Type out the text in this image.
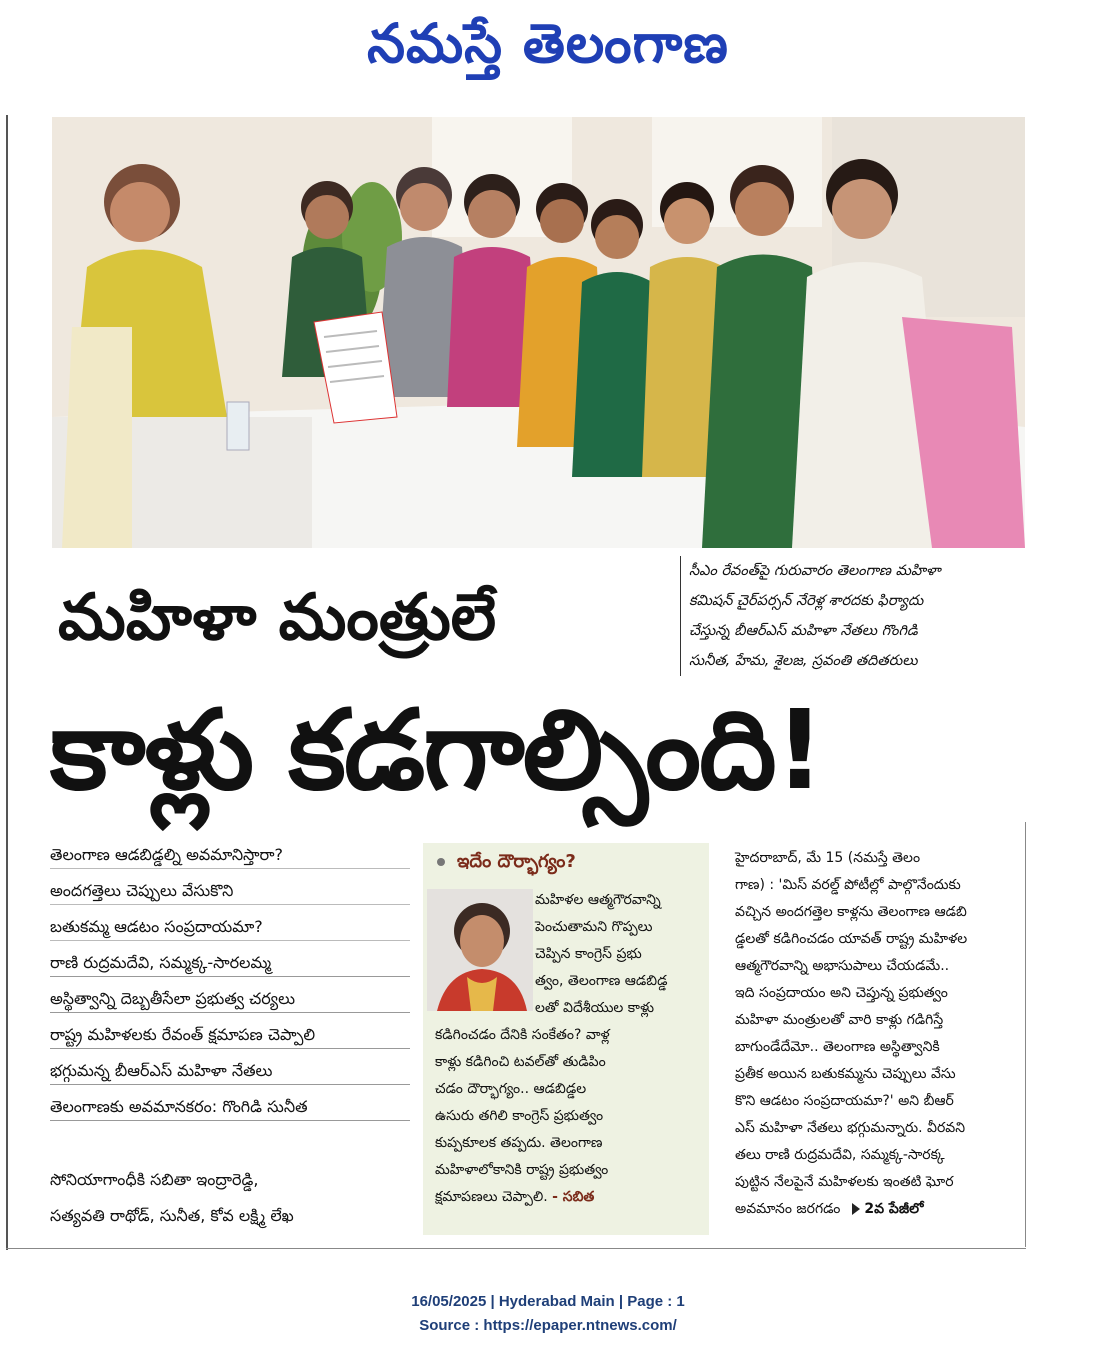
నమస్తే తెలంగాణ

సీఎం రేవంత్‌పై గురువారం తెలంగాణ మహిళా

కమిషన్ చైర్‌పర్సన్ నేరెళ్ల శారదకు ఫిర్యాదు

చేస్తున్న బీఆర్‌ఎస్ మహిళా నేతలు గొంగిడి

సునీత, హేమ, శైలజ, స్రవంతి తదితరులు

మహిళా మంత్రులే
కాళ్లు కడగాల్సింది!
తెలంగాణ ఆడబిడ్డల్ని అవమానిస్తారా?
అందగత్తెలు చెప్పులు వేసుకొని
బతుకమ్మ ఆడటం సంప్రదాయమా?
రాణి రుద్రమదేవి, సమ్మక్క-సారలమ్మ
అస్థిత్వాన్ని దెబ్బతీసేలా ప్రభుత్వ చర్యలు
రాష్ట్ర మహిళలకు రేవంత్ క్షమాపణ చెప్పాలి
భగ్గుమన్న బీఆర్‌ఎస్ మహిళా నేతలు
తెలంగాణకు అవమానకరం: గొంగిడి సునీత
సోనియాగాంధీకి సబితా ఇంద్రారెడ్డి,
సత్యవతి రాథోడ్, సునీత, కోవ లక్ష్మి లేఖ
ఇదేం దౌర్భాగ్యం?
మహిళల ఆత్మగౌరవాన్ని
పెంచుతామని గొప్పలు
చెప్పిన కాంగ్రెస్ ప్రభు
త్వం, తెలంగాణ ఆడబిడ్డ
లతో విదేశీయుల కాళ్లు
కడిగించడం దేనికి సంకేతం? వాళ్ల
కాళ్లు కడిగించి టవల్‌తో తుడిపిం
చడం దౌర్భాగ్యం.. ఆడబిడ్డల
ఉసురు తగిలి కాంగ్రెస్ ప్రభుత్వం
కుప్పకూలక తప్పదు. తెలంగాణ
మహిళాలోకానికి రాష్ట్ర ప్రభుత్వం
క్షమాపణలు చెప్పాలి. - సబిత
హైదరాబాద్, మే 15 (నమస్తే తెలం
గాణ) : 'మిస్ వరల్డ్ పోటీల్లో పాల్గొనేందుకు
వచ్చిన అందగత్తెల కాళ్లను తెలంగాణ ఆడబి
డ్డలతో కడిగించడం యావత్ రాష్ట్ర మహిళల
ఆత్మగౌరవాన్ని అభాసుపాలు చేయడమే..
ఇది సంప్రదాయం అని చెప్తున్న ప్రభుత్వం
మహిళా మంత్రులతో వారి కాళ్లు గడిగిస్తే
బాగుండేదేమో.. తెలంగాణ అస్థిత్వానికి
ప్రతీక అయిన బతుకమ్మను చెప్పులు వేసు
కొని ఆడటం సంప్రదాయమా?' అని బీఆర్
ఎస్ మహిళా నేతలు భగ్గుమన్నారు. వీరవని
తలు రాణి రుద్రమదేవి, సమ్మక్క-సారక్క
పుట్టిన నేలపైనే మహిళలకు ఇంతటి ఘోర
అవమానం జరగడం 2వ పేజీలో
16/05/2025 | Hyderabad Main | Page : 1
Source : https://epaper.ntnews.com/
